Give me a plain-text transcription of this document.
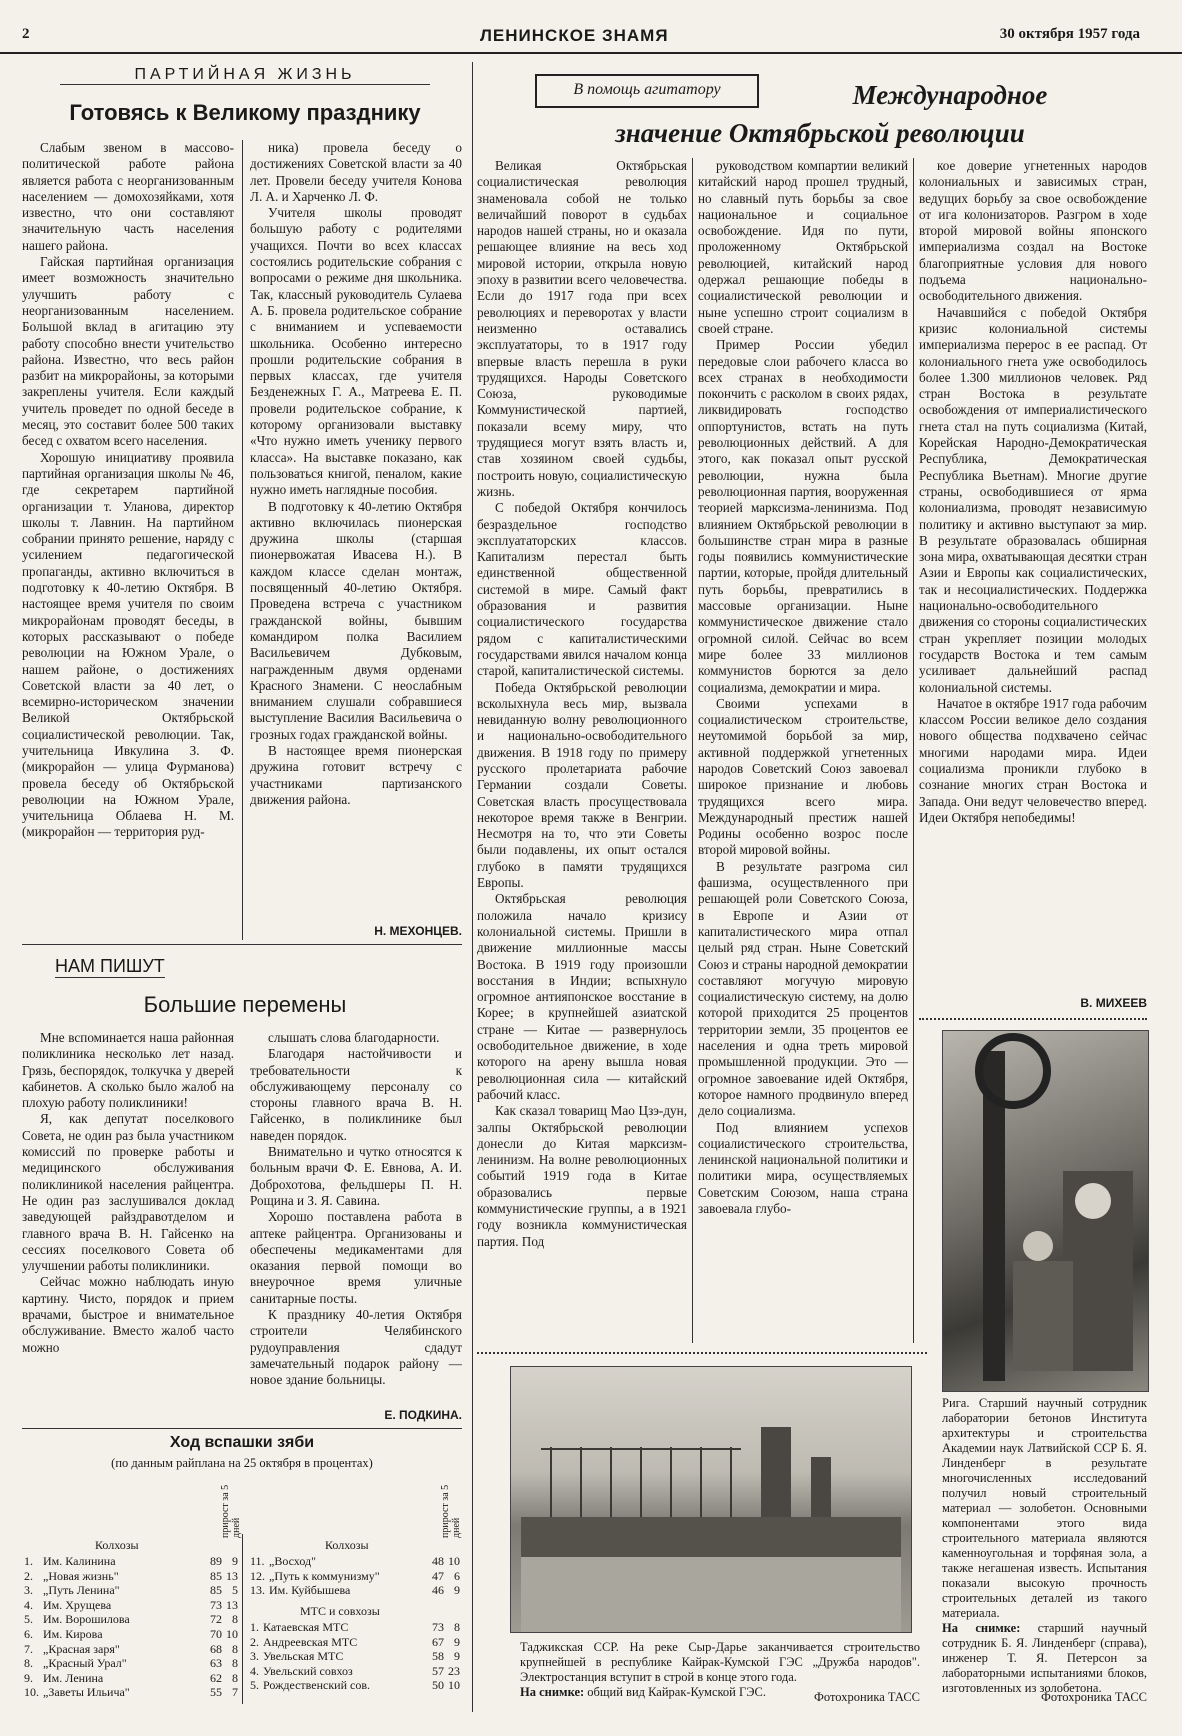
2	ЛЕНИНСКОЕ ЗНАМЯ	30 октября 1957 года
ПАРТИЙНАЯ ЖИЗНЬ
Готовясь к Великому празднику

Слабым звеном в массово-политической работе района является работа с неорганизованным населением — домохозяйками, хотя известно, что они составляют значительную часть населения нашего района.

Гайская партийная организация имеет возможность значительно улучшить работу с неорганизованным населением. Большой вклад в агитацию эту работу способно внести учительство района. Известно, что весь район разбит на микрорайоны, за которыми закреплены учителя. Если каждый учитель проведет по одной беседе в месяц, это составит более 500 таких бесед с охватом всего населения.

Хорошую инициативу проявила партийная организация школы № 46, где секретарем партийной организации т. Уланова, директор школы т. Лавнин. На партийном собрании принято решение, наряду с усилением педагогической пропаганды, активно включиться в подготовку к 40-летию Октября. В настоящее время учителя по своим микрорайонам проводят беседы, в которых рассказывают о победе революции на Южном Урале, о нашем районе, о достижениях Советской власти за 40 лет, о всемирно-историческом значении Великой Октябрьской социалистической революции. Так, учительница Ивкулина З. Ф. (микрорайон — улица Фурманова) провела беседу об Октябрьской революции на Южном Урале, учительница Облаева Н. М. (микрорайон — территория руд-

ника) провела беседу о достижениях Советской власти за 40 лет. Провели беседу учителя Конова Л. А. и Харченко Л. Ф.

Учителя школы проводят большую работу с родителями учащихся. Почти во всех классах состоялись родительские собрания с вопросами о режиме дня школьника. Так, классный руководитель Сулаева А. Б. провела родительское собрание с вниманием и успеваемости школьника. Особенно интересно прошли родительские собрания в первых классах, где учителя Безденежных Г. А., Матреева Е. П. провели родительское собрание, к которому организовали выставку «Что нужно иметь ученику первого класса». На выставке показано, как пользоваться книгой, пеналом, какие нужно иметь наглядные пособия.

В подготовку к 40-летию Октября активно включилась пионерская дружина школы (старшая пионервожатая Ивасева Н.). В каждом классе сделан монтаж, посвященный 40-летию Октября. Проведена встреча с участником гражданской войны, бывшим командиром полка Василием Васильевичем Дубковым, награжденным двумя орденами Красного Знамени. С неослабным вниманием слушали собравшиеся выступление Василия Васильевича о грозных годах гражданской войны.

В настоящее время пионерская дружина готовит встречу с участниками партизанского движения района.

Н. МЕХОНЦЕВ.
НАМ ПИШУТ
Большие перемены

Мне вспоминается наша районная поликлиника несколько лет назад. Грязь, беспорядок, толкучка у дверей кабинетов. А сколько было жалоб на плохую работу поликлиники!

Я, как депутат поселкового Совета, не один раз была участником комиссий по проверке работы и медицинского обслуживания поликлиникой населения райцентра. Не один раз заслушивался доклад заведующей райздравотделом и главного врача В. Н. Гайсенко на сессиях поселкового Совета об улучшении работы поликлиники.

Сейчас можно наблюдать иную картину. Чисто, порядок и прием врачами, быстрое и внимательное обслуживание. Вместо жалоб часто можно

слышать слова благодарности.

Благодаря настойчивости и требовательности к обслуживающему персоналу со стороны главного врача В. Н. Гайсенко, в поликлинике был наведен порядок.

Внимательно и чутко относятся к больным врачи Ф. Е. Евнова, А. И. Доброхотова, фельдшеры П. Н. Рощина и З. Я. Савина.

Хорошо поставлена работа в аптеке райцентра. Организованы и обеспечены медикаментами для оказания первой помощи во внеурочное время уличные санитарные посты.

К празднику 40-летия Октября строители Челябинского рудоуправления сдадут замечательный подарок району — новое здание больницы.

Е. ПОДКИНА.
Ход вспашки зяби
(по данным райплана на 25 октября в процентах)
прирост за 5 дней	прирост за 5 дней
Колхозы	Колхозы
1.	Им. Калинина	89	9
2.	„Новая жизнь"	85	13
3.	„Путь Ленина"	85	5
4.	Им. Хрущева	73	13
5.	Им. Ворошилова	72	8
6.	Им. Кирова	70	10
7.	„Красная заря"	68	8
8.	„Красный Урал"	63	8
9.	Им. Ленина	62	8
10.	„Заветы Ильича"	55	7
11.	„Восход"	48	10
12.	„Путь к коммунизму"	47	6
13.	Им. Куйбышева	46	9
МТС и совхозы
1.	Катаевская МТС	73	8
2.	Андреевская МТС	67	9
3.	Увельская МТС	58	9
4.	Увельский совхоз	57	23
5.	Рождественский сов.	50	10
В помощь агитатору	Международное
значение Октябрьской революции

Великая Октябрьская социалистическая революция знаменовала собой не только величайший поворот в судьбах народов нашей страны, но и оказала решающее влияние на весь ход мировой истории, открыла новую эпоху в развитии всего человечества. Если до 1917 года при всех революциях и переворотах у власти неизменно оставались эксплуататоры, то в 1917 году впервые власть перешла в руки трудящихся. Народы Советского Союза, руководимые Коммунистической партией, показали всему миру, что трудящиеся могут взять власть и, став хозяином своей судьбы, построить новую, социалистическую жизнь.

С победой Октября кончилось безраздельное господство эксплуататорских классов. Капитализм перестал быть единственной общественной системой в мире. Самый факт образования и развития социалистического государства рядом с капиталистическими государствами явился началом конца старой, капиталистической системы.

Победа Октябрьской революции всколыхнула весь мир, вызвала невиданную волну революционного и национально-освободительного движения. В 1918 году по примеру русского пролетариата рабочие Германии создали Советы. Советская власть просуществовала некоторое время также в Венгрии. Несмотря на то, что эти Советы были подавлены, их опыт остался глубоко в памяти трудящихся Европы.

Октябрьская революция положила начало кризису колониальной системы. Пришли в движение миллионные массы Востока. В 1919 году произошли восстания в Индии; вспыхнуло огромное антияпонское восстание в Корее; в крупнейшей азиатской стране — Китае — развернулось освободительное движение, в ходе которого на арену вышла новая революционная сила — китайский рабочий класс.

Как сказал товарищ Мао Цзэ-дун, залпы Октябрьской революции донесли до Китая марксизм-ленинизм. На волне революционных событий 1919 года в Китае образовались первые коммунистические группы, а в 1921 году возникла коммунистическая партия. Под

руководством компартии великий китайский народ прошел трудный, но славный путь борьбы за свое национальное и социальное освобождение. Идя по пути, проложенному Октябрьской революцией, китайский народ одержал решающие победы в социалистической революции и ныне успешно строит социализм в своей стране.

Пример России убедил передовые слои рабочего класса во всех странах в необходимости покончить с расколом в своих рядах, ликвидировать господство оппортунистов, встать на путь революционных действий. А для этого, как показал опыт русской революции, нужна была революционная партия, вооруженная теорией марксизма-ленинизма. Под влиянием Октябрьской революции в большинстве стран мира в разные годы появились коммунистические партии, которые, пройдя длительный путь борьбы, превратились в массовые организации. Ныне коммунистическое движение стало огромной силой. Сейчас во всем мире более 33 миллионов коммунистов борются за дело социализма, демократии и мира.

Своими успехами в социалистическом строительстве, неутомимой борьбой за мир, активной поддержкой угнетенных народов Советский Союз завоевал широкое признание и любовь трудящихся всего мира. Международный престиж нашей Родины особенно возрос после второй мировой войны.

В результате разгрома сил фашизма, осуществленного при решающей роли Советского Союза, в Европе и Азии от капиталистического мира отпал целый ряд стран. Ныне Советский Союз и страны народной демократии составляют могучую мировую социалистическую систему, на долю которой приходится 25 процентов территории земли, 35 процентов ее населения и одна треть мировой промышленной продукции. Это — огромное завоевание идей Октября, которое намного продвинуло вперед дело социализма.

Под влиянием успехов социалистического строительства, ленинской национальной политики и политики мира, осуществляемых Советским Союзом, наша страна завоевала глубо-

кое доверие угнетенных народов колониальных и зависимых стран, ведущих борьбу за свое освобождение от ига колонизаторов. Разгром в ходе второй мировой войны японского империализма создал на Востоке благоприятные условия для нового подъема национально-освободительного движения.

Начавшийся с победой Октября кризис колониальной системы империализма перерос в ее распад. От колониального гнета уже освободилось более 1.300 миллионов человек. Ряд стран Востока в результате освобождения от империалистического гнета стал на путь социализма (Китай, Корейская Народно-Демократическая Республика, Демократическая Республика Вьетнам). Многие другие страны, освободившиеся от ярма колониализма, проводят независимую политику и активно выступают за мир. В результате образовалась обширная зона мира, охватывающая десятки стран Азии и Европы как социалистических, так и несоциалистических. Поддержка национально-освободительного движения со стороны социалистических стран укрепляет позиции молодых государств Востока и тем самым усиливает дальнейший распад колониальной системы.

Начатое в октябре 1917 года рабочим классом России великое дело создания нового общества подхвачено сейчас многими народами мира. Идеи социализма проникли глубоко в сознание многих стран Востока и Запада. Они ведут человечество вперед. Идеи Октября непобедимы!

В. МИХЕЕВ
Рига. Старший научный сотрудник лаборатории бетонов Института архитектуры и строительства Академии наук Латвийской ССР Б. Я. Линденберг в результате многочисленных исследований получил новый строительный материал — золобетон. Основными компонентами этого вида строительного материала являются каменноугольная и торфяная зола, а также негашеная известь. Испытания показали высокую прочность строительных деталей из такого материала.
На снимке: старший научный сотрудник Б. Я. Линденберг (справа), инженер Т. Я. Петерсон за лабораторными испытаниями блоков, изготовленных из золобетона.
Фотохроника ТАСС
Таджикская ССР. На реке Сыр-Дарье заканчивается строительство крупнейшей в республике Кайрак-Кумской ГЭС „Дружба народов". Электростанция вступит в строй в конце этого года.
На снимке: общий вид Кайрак-Кумской ГЭС.	Фотохроника ТАСС
